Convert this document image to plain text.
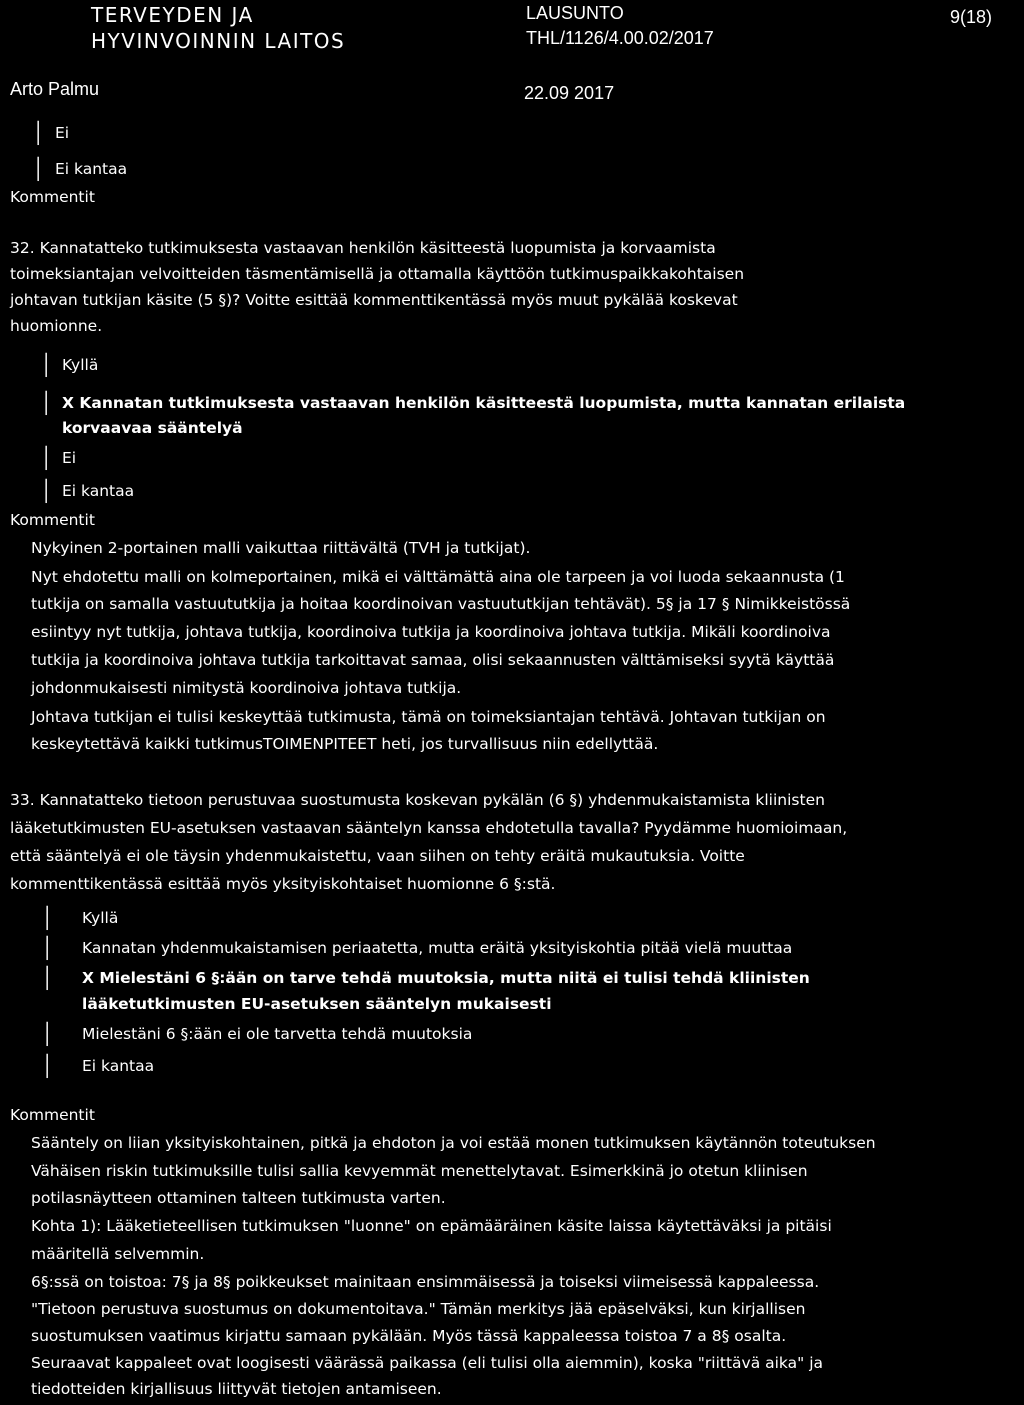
TERVEYDEN JA
HYVINVOINNIN LAITOS
LAUSUNTO
THL/1126/4.00.02/2017
9(18)
Arto Palmu	22.09 2017
│ Ei
│ Ei kantaa
Kommentit
32. Kannatatteko tutkimuksesta vastaavan henkilön käsitteestä luopumista ja korvaamista
toimeksiantajan velvoitteiden täsmentämisellä ja ottamalla käyttöön tutkimuspaikkakohtaisen
johtavan tutkijan käsite (5 §)? Voitte esittää kommenttikentässä myös muut pykälää koskevat
huomionne.
│ Kyllä
│ X Kannatan tutkimuksesta vastaavan henkilön käsitteestä luopumista, mutta kannatan erilaista
korvaavaa sääntelyä
│ Ei
│ Ei kantaa
Kommentit
Nykyinen 2-portainen malli vaikuttaa riittävältä (TVH ja tutkijat).
Nyt ehdotettu malli on kolmeportainen, mikä ei välttämättä aina ole tarpeen ja voi luoda sekaannusta (1
tutkija on samalla vastuututkija ja hoitaa koordinoivan vastuututkijan tehtävät). 5§ ja 17 § Nimikkeistössä
esiintyy nyt tutkija, johtava tutkija, koordinoiva tutkija ja koordinoiva johtava tutkija. Mikäli koordinoiva
tutkija ja koordinoiva johtava tutkija tarkoittavat samaa, olisi sekaannusten välttämiseksi syytä käyttää
johdonmukaisesti nimitystä koordinoiva johtava tutkija.
Johtava tutkijan ei tulisi keskeyttää tutkimusta, tämä on toimeksiantajan tehtävä. Johtavan tutkijan on
keskeytettävä kaikki tutkimusTOIMENPITEET heti, jos turvallisuus niin edellyttää.
33. Kannatatteko tietoon perustuvaa suostumusta koskevan pykälän (6 §) yhdenmukaistamista kliinisten
lääketutkimusten EU-asetuksen vastaavan sääntelyn kanssa ehdotetulla tavalla? Pyydämme huomioimaan,
että sääntelyä ei ole täysin yhdenmukaistettu, vaan siihen on tehty eräitä mukautuksia. Voitte
kommenttikentässä esittää myös yksityiskohtaiset huomionne 6 §:stä.
│ Kyllä
│ Kannatan yhdenmukaistamisen periaatetta, mutta eräitä yksityiskohtia pitää vielä muuttaa
│ X Mielestäni 6 §:ään on tarve tehdä muutoksia, mutta niitä ei tulisi tehdä kliinisten
lääketutkimusten EU-asetuksen sääntelyn mukaisesti
│ Mielestäni 6 §:ään ei ole tarvetta tehdä muutoksia
│ Ei kantaa
Kommentit
Sääntely on liian yksityiskohtainen, pitkä ja ehdoton ja voi estää monen tutkimuksen käytännön toteutuksen
Vähäisen riskin tutkimuksille tulisi sallia kevyemmät menettelytavat. Esimerkkinä jo otetun kliinisen
potilasnäytteen ottaminen talteen tutkimusta varten.
Kohta 1): Lääketieteellisen tutkimuksen "luonne" on epämääräinen käsite laissa käytettäväksi ja pitäisi
määritellä selvemmin.
6§:ssä on toistoa: 7§ ja 8§ poikkeukset mainitaan ensimmäisessä ja toiseksi viimeisessä kappaleessa.
"Tietoon perustuva suostumus on dokumentoitava." Tämän merkitys jää epäselväksi, kun kirjallisen
suostumuksen vaatimus kirjattu samaan pykälään. Myös tässä kappaleessa toistoa 7 a 8§ osalta.
Seuraavat kappaleet ovat loogisesti väärässä paikassa (eli tulisi olla aiemmin), koska "riittävä aika" ja
tiedotteiden kirjallisuus liittyvät tietojen antamiseen.
